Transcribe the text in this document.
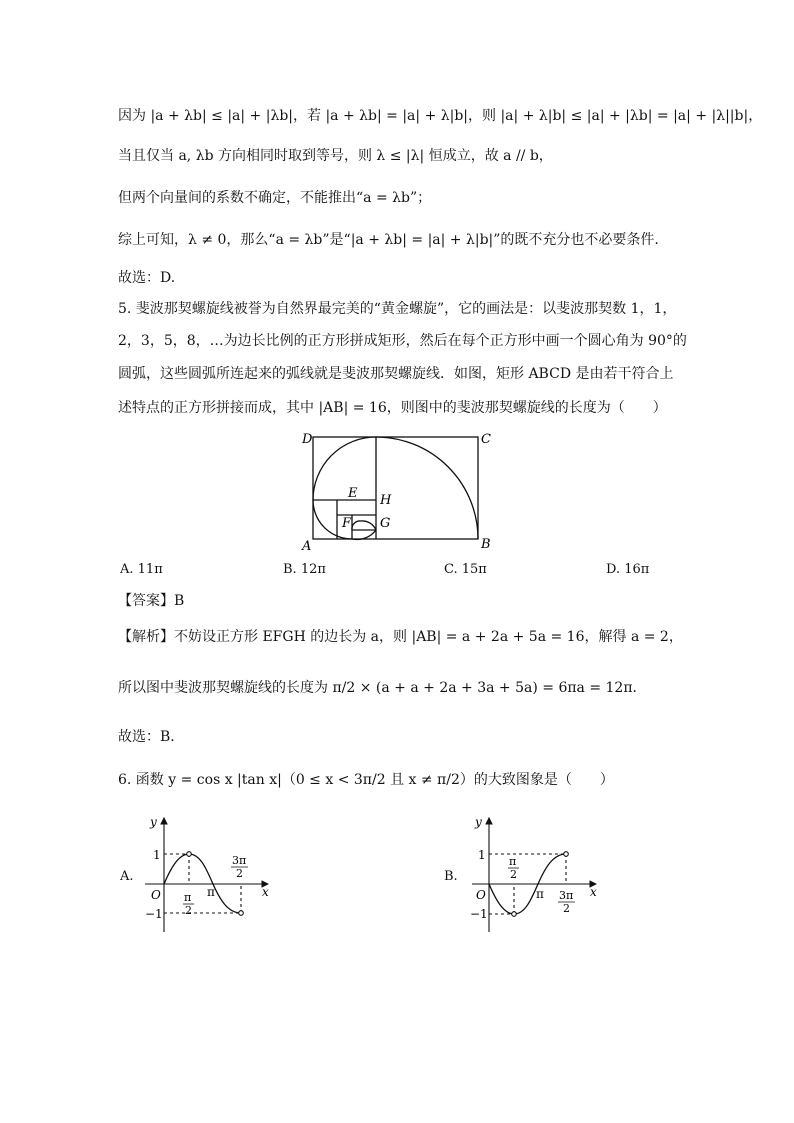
因为 |a + λb| ≤ |a| + |λb|，若 |a + λb| = |a| + λ|b|，则 |a| + λ|b| ≤ |a| + |λb| = |a| + |λ||b|，
当且仅当 a, λb 方向相同时取到等号，则 λ ≤ |λ| 恒成立，故 a // b，
但两个向量间的系数不确定，不能推出“a = λb”；
综上可知，λ ≠ 0，那么“a = λb”是“|a + λb| = |a| + λ|b|”的既不充分也不必要条件.
故选：D.
5. 斐波那契螺旋线被誉为自然界最完美的“黄金螺旋”，它的画法是：以斐波那契数 1，1，
2，3，5，8，…为边长比例的正方形拼成矩形，然后在每个正方形中画一个圆心角为 90°的
圆弧，这些圆弧所连起来的弧线就是斐波那契螺旋线．如图，矩形 ABCD 是由若干符合上
述特点的正方形拼接而成，其中 |AB| = 16，则图中的斐波那契螺旋线的长度为（　　）
D	C
A	B
E H
F G
A. 11π	B. 12π	C. 15π	D. 16π
【答案】B
【解析】不妨设正方形 EFGH 的边长为 a，则 |AB| = a + 2a + 5a = 16，解得 a = 2，
所以图中斐波那契螺旋线的长度为 π/2 × (a + a + 2a + 3a + 5a) = 6πa = 12π．
故选：B．
6. 函数 y = cos x |tan x|（0 ≤ x < 3π/2 且 x ≠ π/2）的大致图象是（　　）
A.
y
x
O
1
−1
π
2
π
3π
2	B.
y
x
O
1
−1
π
2
π 3π
2
